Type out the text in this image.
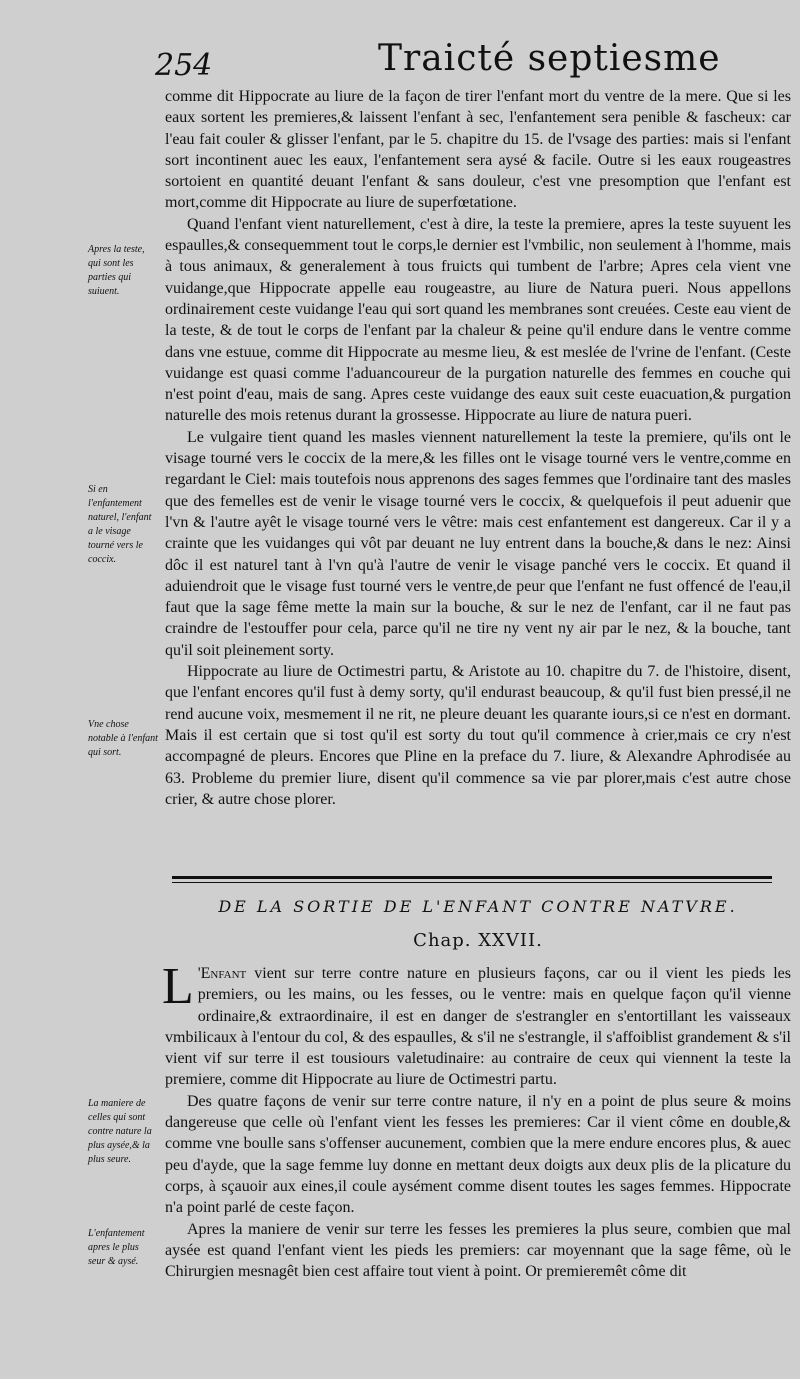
254	Traicté septiesme
Apres la teste, qui sont les parties qui suiuent.
Si en l'enfantement naturel, l'enfant a le visage tourné vers le coccix.
Vne chose notable à l'enfant qui sort.
La maniere de celles qui sont contre nature la plus aysée,& la plus seure.
L'enfantement apres le plus seur & aysé.

comme dit Hippocrate au liure de la façon de tirer l'enfant mort du ventre de la mere. Que si les eaux sortent les premieres,& laissent l'enfant à sec, l'enfantement sera penible & fascheux: car l'eau fait couler & glisser l'enfant, par le 5. chapitre du 15. de l'vsage des parties: mais si l'enfant sort incontinent auec les eaux, l'enfantement sera aysé & facile. Outre si les eaux rougeastres sortoient en quantité deuant l'enfant & sans douleur, c'est vne presomption que l'enfant est mort,comme dit Hippocrate au liure de superfœtatione.

Quand l'enfant vient naturellement, c'est à dire, la teste la premiere, apres la teste suyuent les espaulles,& consequemment tout le corps,le dernier est l'vmbilic, non seulement à l'homme, mais à tous animaux, & generalement à tous fruicts qui tumbent de l'arbre; Apres cela vient vne vuidange,que Hippocrate appelle eau rougeastre, au liure de Natura pueri. Nous appellons ordinairement ceste vuidange l'eau qui sort quand les membranes sont creuées. Ceste eau vient de la teste, & de tout le corps de l'enfant par la chaleur & peine qu'il endure dans le ventre comme dans vne estuue, comme dit Hippocrate au mesme lieu, & est meslée de l'vrine de l'enfant. (Ceste vuidange est quasi comme l'aduancoureur de la purgation naturelle des femmes en couche qui n'est point d'eau, mais de sang. Apres ceste vuidange des eaux suit ceste euacuation,& purgation naturelle des mois retenus durant la grossesse. Hippocrate au liure de natura pueri.

Le vulgaire tient quand les masles viennent naturellement la teste la premiere, qu'ils ont le visage tourné vers le coccix de la mere,& les filles ont le visage tourné vers le ventre,comme en regardant le Ciel: mais toutefois nous apprenons des sages femmes que l'ordinaire tant des masles que des femelles est de venir le visage tourné vers le coccix, & quelquefois il peut aduenir que l'vn & l'autre ayêt le visage tourné vers le vêtre: mais cest enfantement est dangereux. Car il y a crainte que les vuidanges qui vôt par deuant ne luy entrent dans la bouche,& dans le nez: Ainsi dôc il est naturel tant à l'vn qu'à l'autre de venir le visage panché vers le coccix. Et quand il aduiendroit que le visage fust tourné vers le ventre,de peur que l'enfant ne fust offencé de l'eau,il faut que la sage fême mette la main sur la bouche, & sur le nez de l'enfant, car il ne faut pas craindre de l'estouffer pour cela, parce qu'il ne tire ny vent ny air par le nez, & la bouche, tant qu'il soit pleinement sorty.

Hippocrate au liure de Octimestri partu, & Aristote au 10. chapitre du 7. de l'histoire, disent, que l'enfant encores qu'il fust à demy sorty, qu'il endurast beaucoup, & qu'il fust bien pressé,il ne rend aucune voix, mesmement il ne rit, ne pleure deuant les quarante iours,si ce n'est en dormant. Mais il est certain que si tost qu'il est sorty du tout qu'il commence à crier,mais ce cry n'est accompagné de pleurs. Encores que Pline en la preface du 7. liure, & Alexandre Aphrodisée au 63. Probleme du premier liure, disent qu'il commence sa vie par plorer,mais c'est autre chose crier, & autre chose plorer.

DE LA SORTIE DE L'ENFANT CONTRE NATVRE.
Chap. XXVII.

L 'Enfant vient sur terre contre nature en plusieurs façons, car ou il vient les pieds les premiers, ou les mains, ou les fesses, ou le ventre: mais en quelque façon qu'il vienne ordinaire,& extraordinaire, il est en danger de s'estrangler en s'entortillant les vaisseaux vmbilicaux à l'entour du col, & des espaulles, & s'il ne s'estrangle, il s'affoiblist grandement & s'il vient vif sur terre il est tousiours valetudinaire: au contraire de ceux qui viennent la teste la premiere, comme dit Hippocrate au liure de Octimestri partu.

Des quatre façons de venir sur terre contre nature, il n'y en a point de plus seure & moins dangereuse que celle où l'enfant vient les fesses les premieres: Car il vient côme en double,& comme vne boulle sans s'offenser aucunement, combien que la mere endure encores plus, & auec peu d'ayde, que la sage femme luy donne en mettant deux doigts aux deux plis de la plicature du corps, à sçauoir aux eines,il coule aysément comme disent toutes les sages femmes. Hippocrate n'a point parlé de ceste façon.

Apres la maniere de venir sur terre les fesses les premieres la plus seure, combien que mal aysée est quand l'enfant vient les pieds les premiers: car moyennant que la sage fême, où le Chirurgien mesnagêt bien cest affaire tout vient à point. Or premieremêt côme dit
